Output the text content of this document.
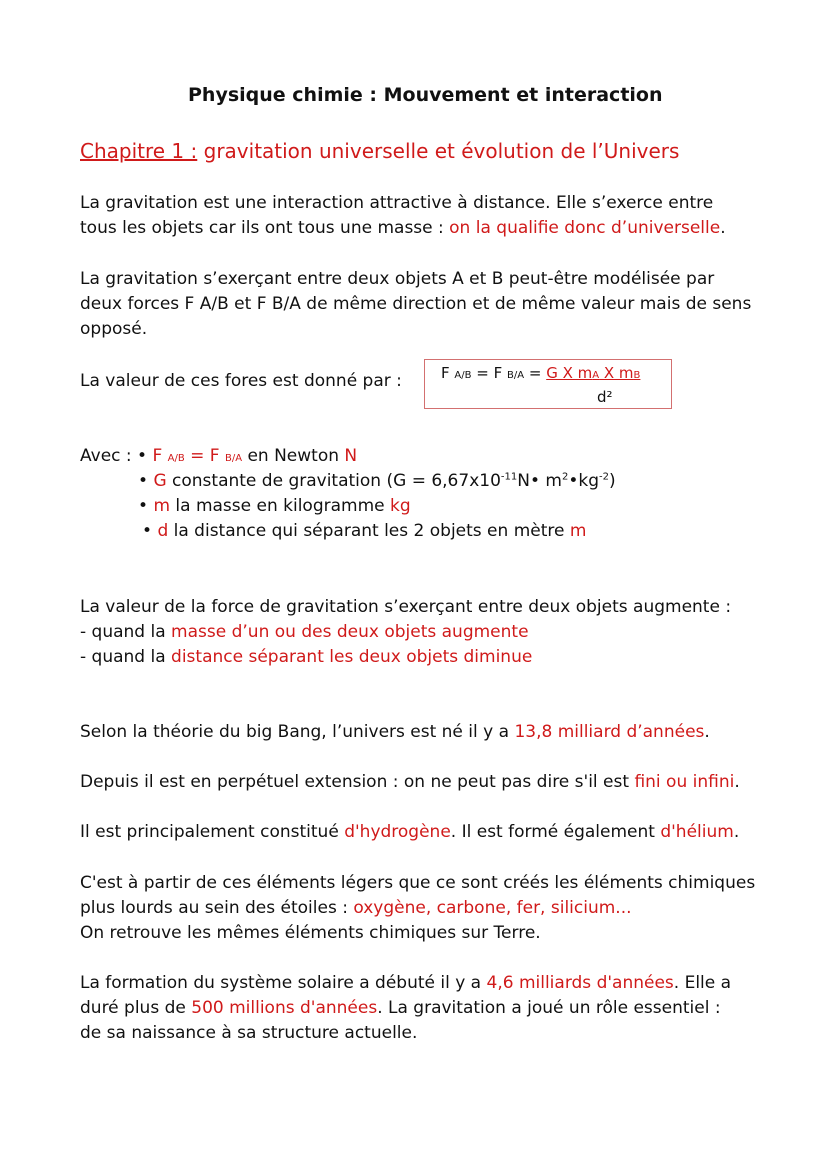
Physique chimie : Mouvement et interaction
Chapitre 1 : gravitation universelle et évolution de l’Univers
La gravitation est une interaction attractive à distance. Elle s’exerce entre
tous les objets car ils ont tous une masse : on la qualifie donc d’universelle.
La gravitation s’exerçant entre deux objets A et B peut-être modélisée par
deux forces F A/B et F B/A de même direction et de même valeur mais de sens
opposé.
La valeur de ces fores est donné par :	F A/B = F B/A = G X mA X mB
d²
Avec : • F A/B = F B/A en Newton N
• G constante de gravitation ($G = 6,67x10^{-11}N•$ $m^2•kg^{-2}$)
• m la masse en kilogramme kg
• d la distance qui séparant les 2 objets en mètre m
La valeur de la force de gravitation s’exerçant entre deux objets augmente :
- quand la masse d’un ou des deux objets augmente
- quand la distance séparant les deux objets diminue
Selon la théorie du big Bang, l’univers est né il y a 13,8 milliard d’années.
Depuis il est en perpétuel extension : on ne peut pas dire s'il est fini ou infini.
Il est principalement constitué d'hydrogène. Il est formé également d'hélium.
C'est à partir de ces éléments légers que ce sont créés les éléments chimiques
plus lourds au sein des étoiles : oxygène, carbone, fer, silicium...
On retrouve les mêmes éléments chimiques sur Terre.
La formation du système solaire a débuté il y a 4,6 milliards d'années. Elle a
duré plus de 500 millions d'années. La gravitation a joué un rôle essentiel :
de sa naissance à sa structure actuelle.
